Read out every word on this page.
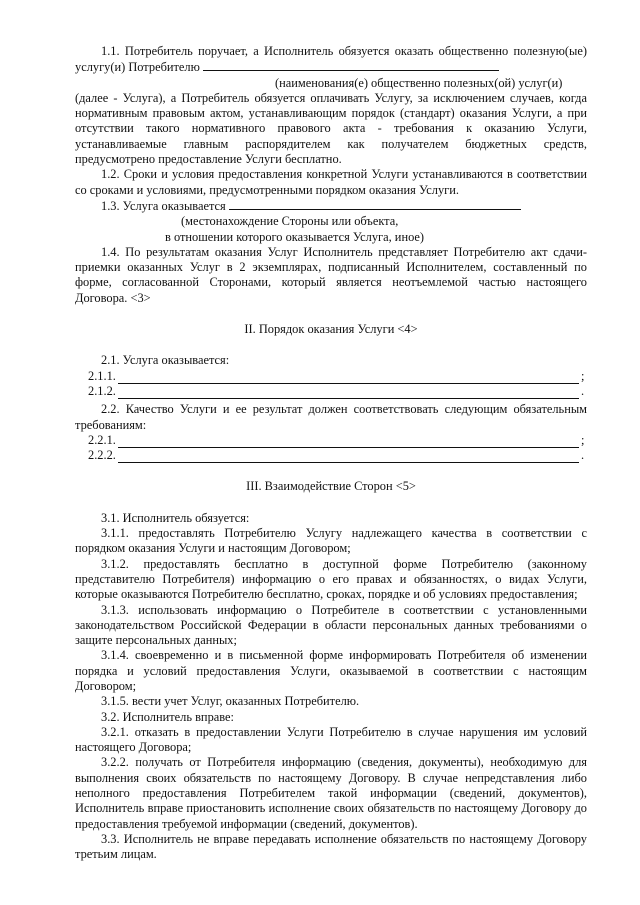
1.1. Потребитель поручает, а Исполнитель обязуется оказать общественно полезную(ые) услугу(и) Потребителю

(наименования(е) общественно полезных(ой) услуг(и)

(далее - Услуга), а Потребитель обязуется оплачивать Услугу, за исключением случаев, когда нормативным правовым актом, устанавливающим порядок (стандарт) оказания Услуги, а при отсутствии такого нормативного правового акта - требования к оказанию Услуги, устанавливаемые главным распорядителем как получателем бюджетных средств, предусмотрено предоставление Услуги бесплатно.

1.2. Сроки и условия предоставления конкретной Услуги устанавливаются в соответствии со сроками и условиями, предусмотренными порядком оказания Услуги.

1.3. Услуга оказывается

(местонахождение Стороны или объекта,

в отношении которого оказывается Услуга, иное)

1.4. По результатам оказания Услуг Исполнитель представляет Потребителю акт сдачи-приемки оказанных Услуг в 2 экземплярах, подписанный Исполнителем, составленный по форме, согласованной Сторонами, который является неотъемлемой частью настоящего Договора. <3>

II. Порядок оказания Услуги <4>

2.1. Услуга оказывается:

2.1.1.	;
2.1.2.	.

2.2. Качество Услуги и ее результат должен соответствовать следующим обязательным требованиям:

2.2.1.	;
2.2.2.	.

III. Взаимодействие Сторон <5>

3.1. Исполнитель обязуется:

3.1.1. предоставлять Потребителю Услугу надлежащего качества в соответствии с порядком оказания Услуги и настоящим Договором;

3.1.2. предоставлять бесплатно в доступной форме Потребителю (законному представителю Потребителя) информацию о его правах и обязанностях, о видах Услуги, которые оказываются Потребителю бесплатно, сроках, порядке и об условиях предоставления;

3.1.3. использовать информацию о Потребителе в соответствии с установленными законодательством Российской Федерации в области персональных данных требованиями о защите персональных данных;

3.1.4. своевременно и в письменной форме информировать Потребителя об изменении порядка и условий предоставления Услуги, оказываемой в соответствии с настоящим Договором;

3.1.5. вести учет Услуг, оказанных Потребителю.

3.2. Исполнитель вправе:

3.2.1. отказать в предоставлении Услуги Потребителю в случае нарушения им условий настоящего Договора;

3.2.2. получать от Потребителя информацию (сведения, документы), необходимую для выполнения своих обязательств по настоящему Договору. В случае непредставления либо неполного предоставления Потребителем такой информации (сведений, документов), Исполнитель вправе приостановить исполнение своих обязательств по настоящему Договору до предоставления требуемой информации (сведений, документов).

3.3. Исполнитель не вправе передавать исполнение обязательств по настоящему Договору третьим лицам.
